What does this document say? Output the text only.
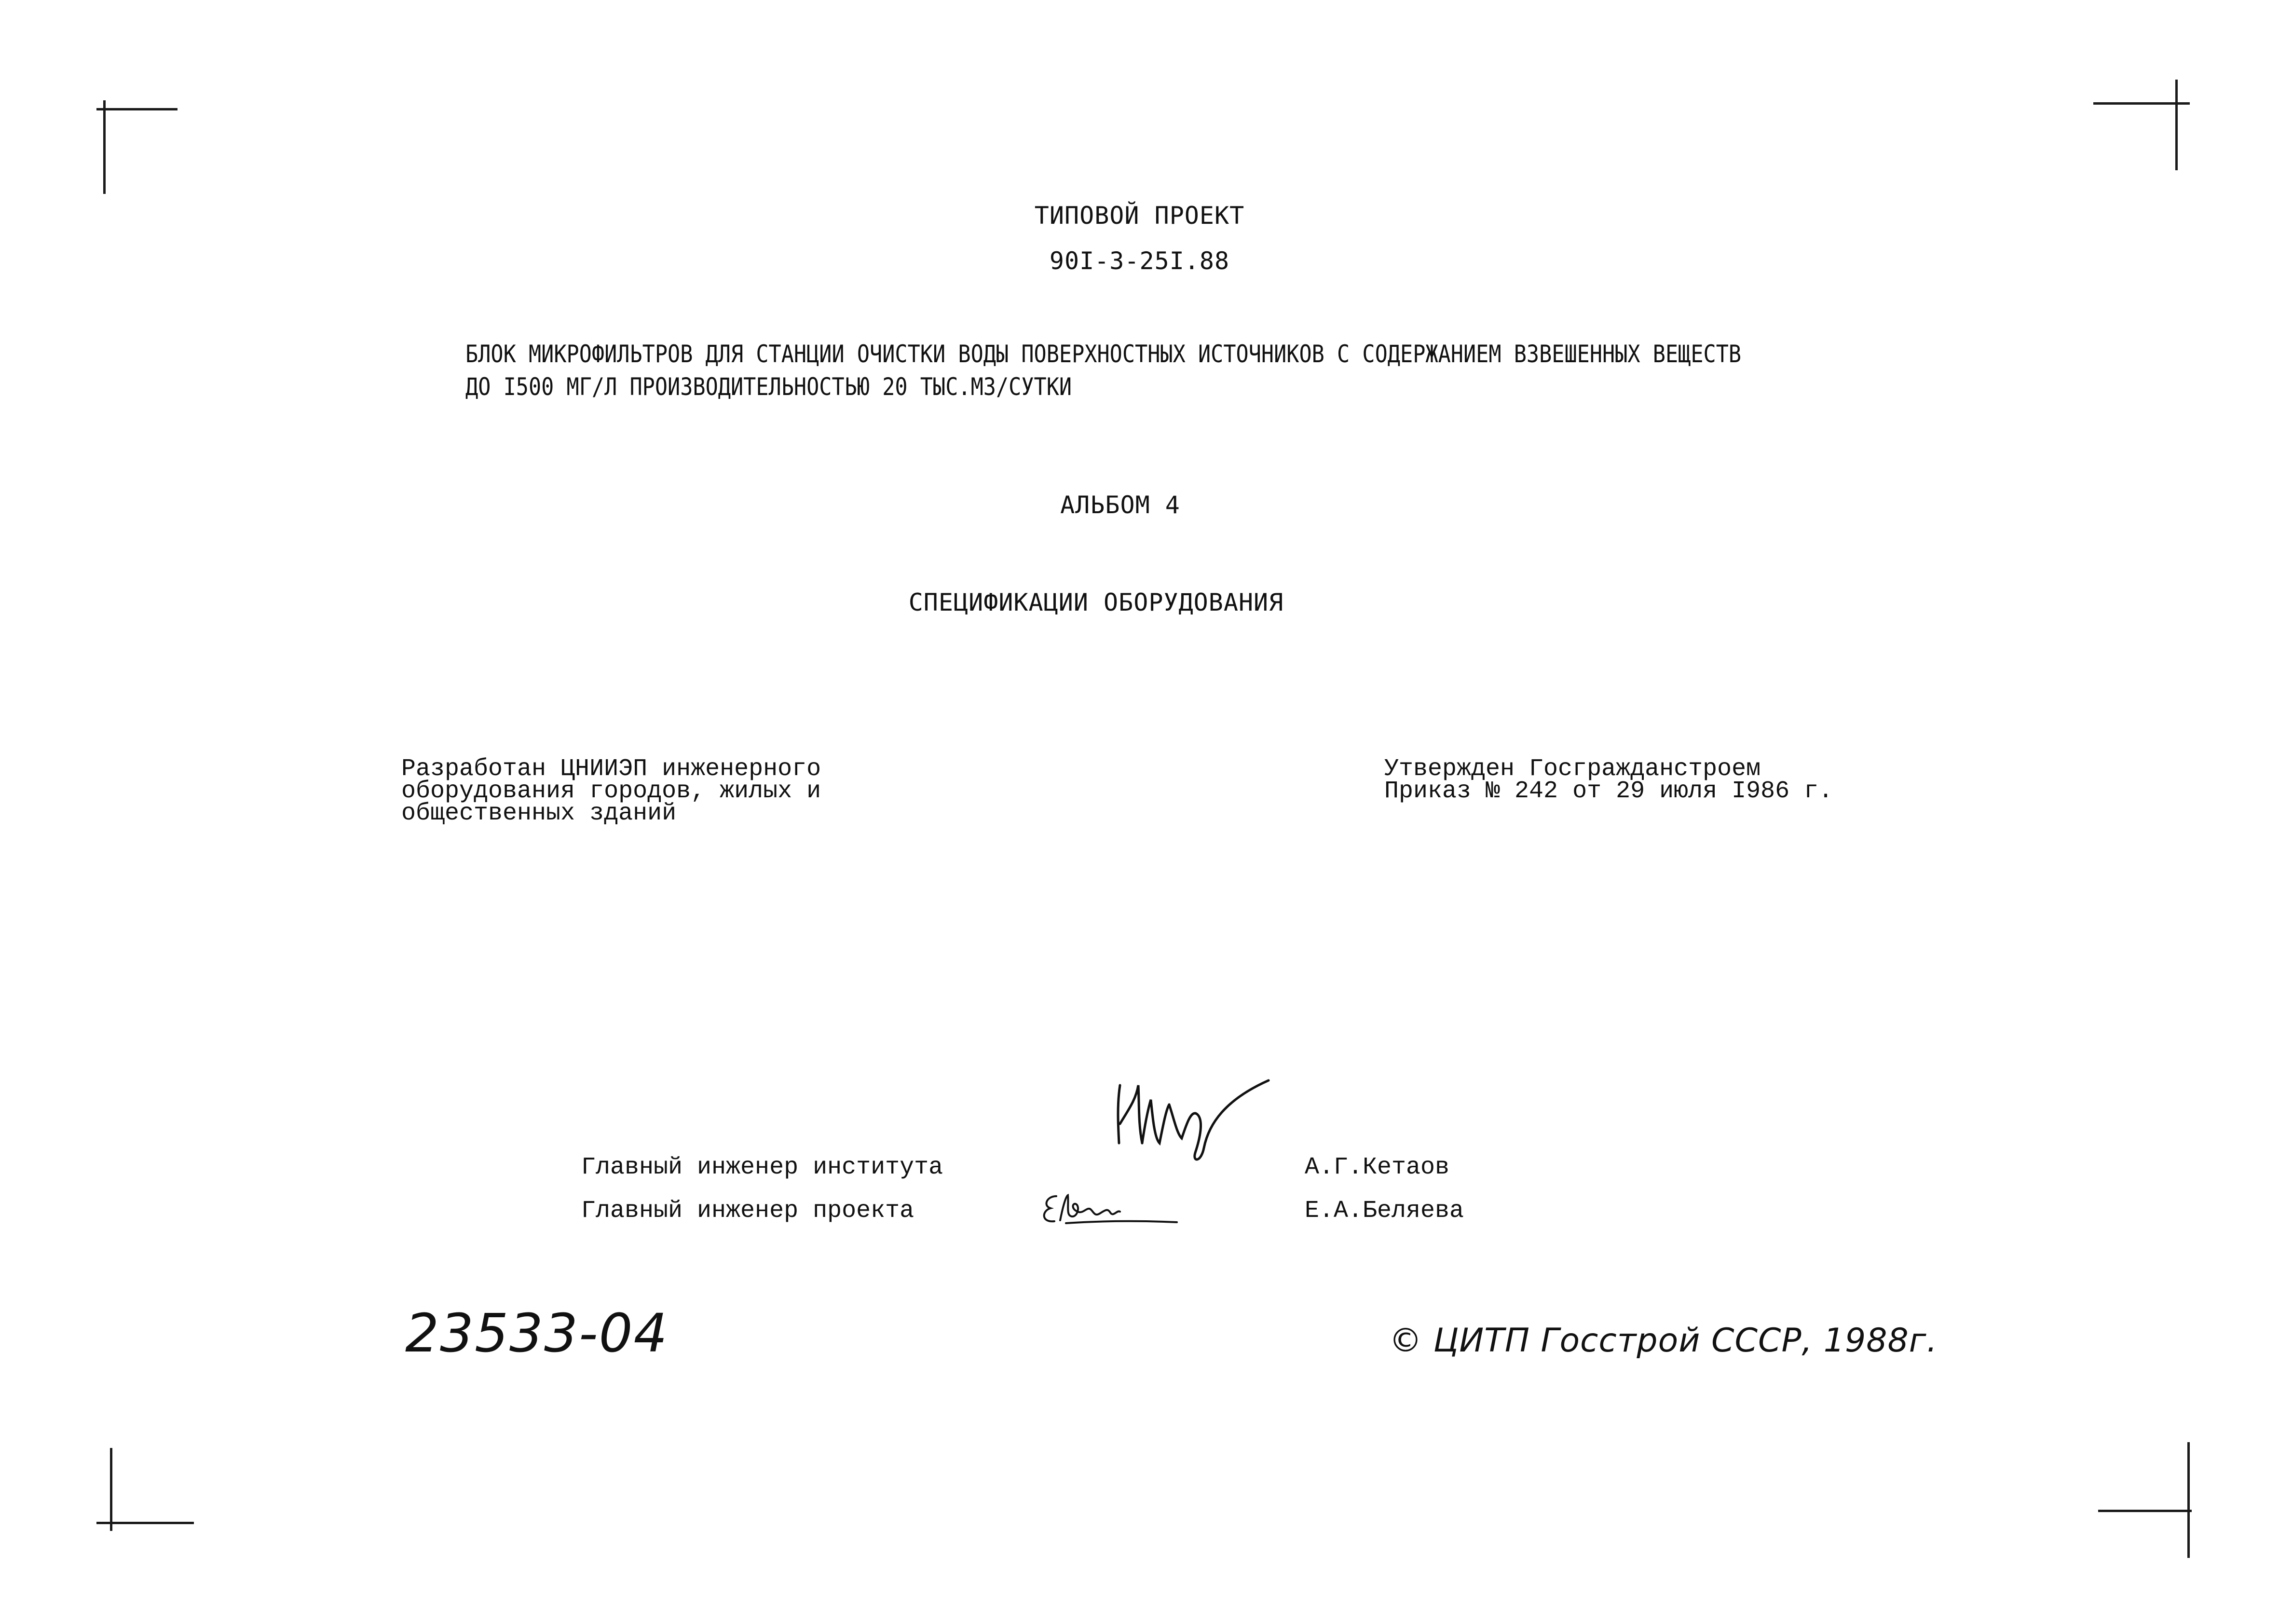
ТИПОВОЙ ПРОЕКТ
90I-3-25I.88
БЛОК МИКРОФИЛЬТРОВ ДЛЯ СТАНЦИИ ОЧИСТКИ ВОДЫ ПОВЕРХНОСТНЫХ ИСТОЧНИКОВ С СОДЕРЖАНИЕМ ВЗВЕШЕННЫХ ВЕЩЕСТВ
ДО I500 МГ/Л ПРОИЗВОДИТЕЛЬНОСТЬЮ 20 ТЫС.М3/СУТКИ
АЛЬБОМ 4
СПЕЦИФИКАЦИИ ОБОРУДОВАНИЯ
Разработан ЦНИИЭП инженерного
оборудования городов, жилых и
общественных зданий
Утвержден Госгражданстроем
Приказ № 242 от 29 июля I986 г.
Главный инженер института	А.Г.Кетаов
Главный инженер проекта	Е.А.Беляева
23533-04	© ЦИТП Госстрой СССР, 1988г.
